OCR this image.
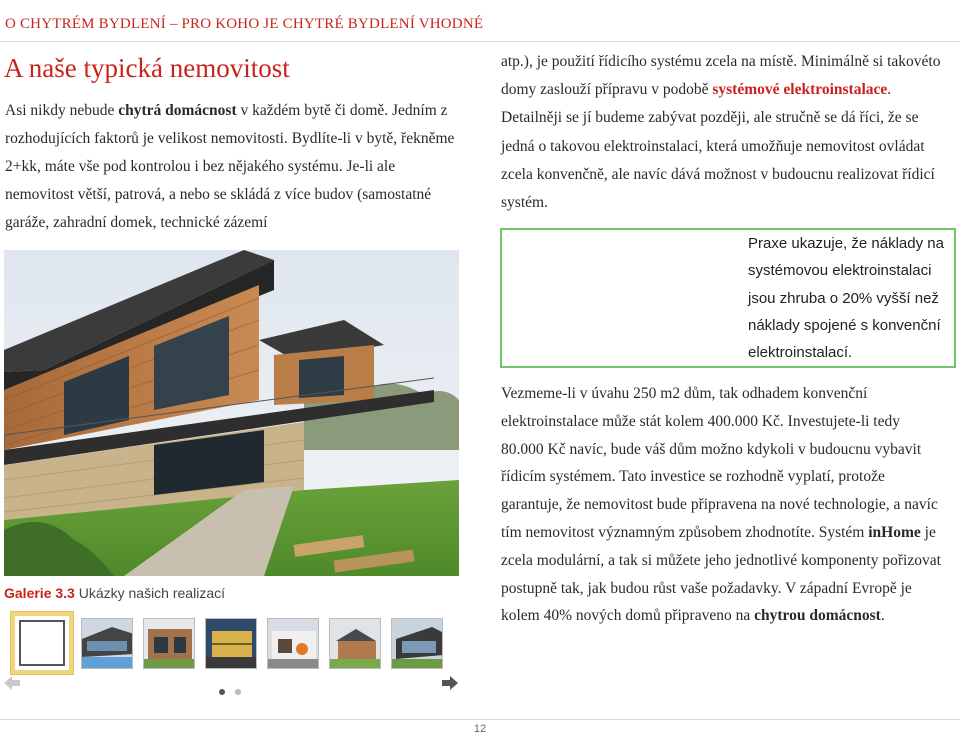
O CHYTRÉM BYDLENÍ – PRO KOHO JE CHYTRÉ BYDLENÍ VHODNÉ
A naše typická nemovitost

Asi nikdy nebude chytrá domácnost v každém bytě či domě. Jedním z rozhodujících faktorů je velikost nemovitosti. Bydlíte-li v bytě, řekněme 2+kk, máte vše pod kontrolou i bez nějakého systému. Je-li ale nemovitost větší, patrová, a nebo se skládá z více budov (samostatné garáže, zahradní domek, technické zázemí

Galerie 3.3 Ukázky našich realizací
atp.), je použití řídicího systému zcela na místě. Minimálně si takovéto domy zaslouží přípravu v podobě systémové elektroinstalace. Detailněji se jí budeme zabývat později, ale stručně se dá říci, že se jedná o takovou elektroinstalaci, která umožňuje nemovitost ovládat zcela konvenčně, ale navíc dává možnost v budoucnu realizovat řídicí systém.
Praxe ukazuje, že náklady na systémovou elektroinstalaci jsou zhruba o 20% vyšší než náklady spojené s konvenční elektroinstalací.
Vezmeme-li v úvahu 250 m2 dům, tak odhadem konvenční elektroinstalace může stát kolem 400.000 Kč. Investujete-li tedy 80.000 Kč navíc, bude váš dům možno kdykoli v budoucnu vybavit řídicím systémem. Tato investice se rozhodně vyplatí, protože garantuje, že nemovitost bude připravena na nové technologie, a navíc tím nemovitost významným způsobem zhodnotíte. Systém inHome je zcela modulární, a tak si můžete jeho jednotlivé komponenty pořizovat postupně tak, jak budou růst vaše požadavky. V západní Evropě je kolem 40% nových domů připraveno na chytrou domácnost.
12
